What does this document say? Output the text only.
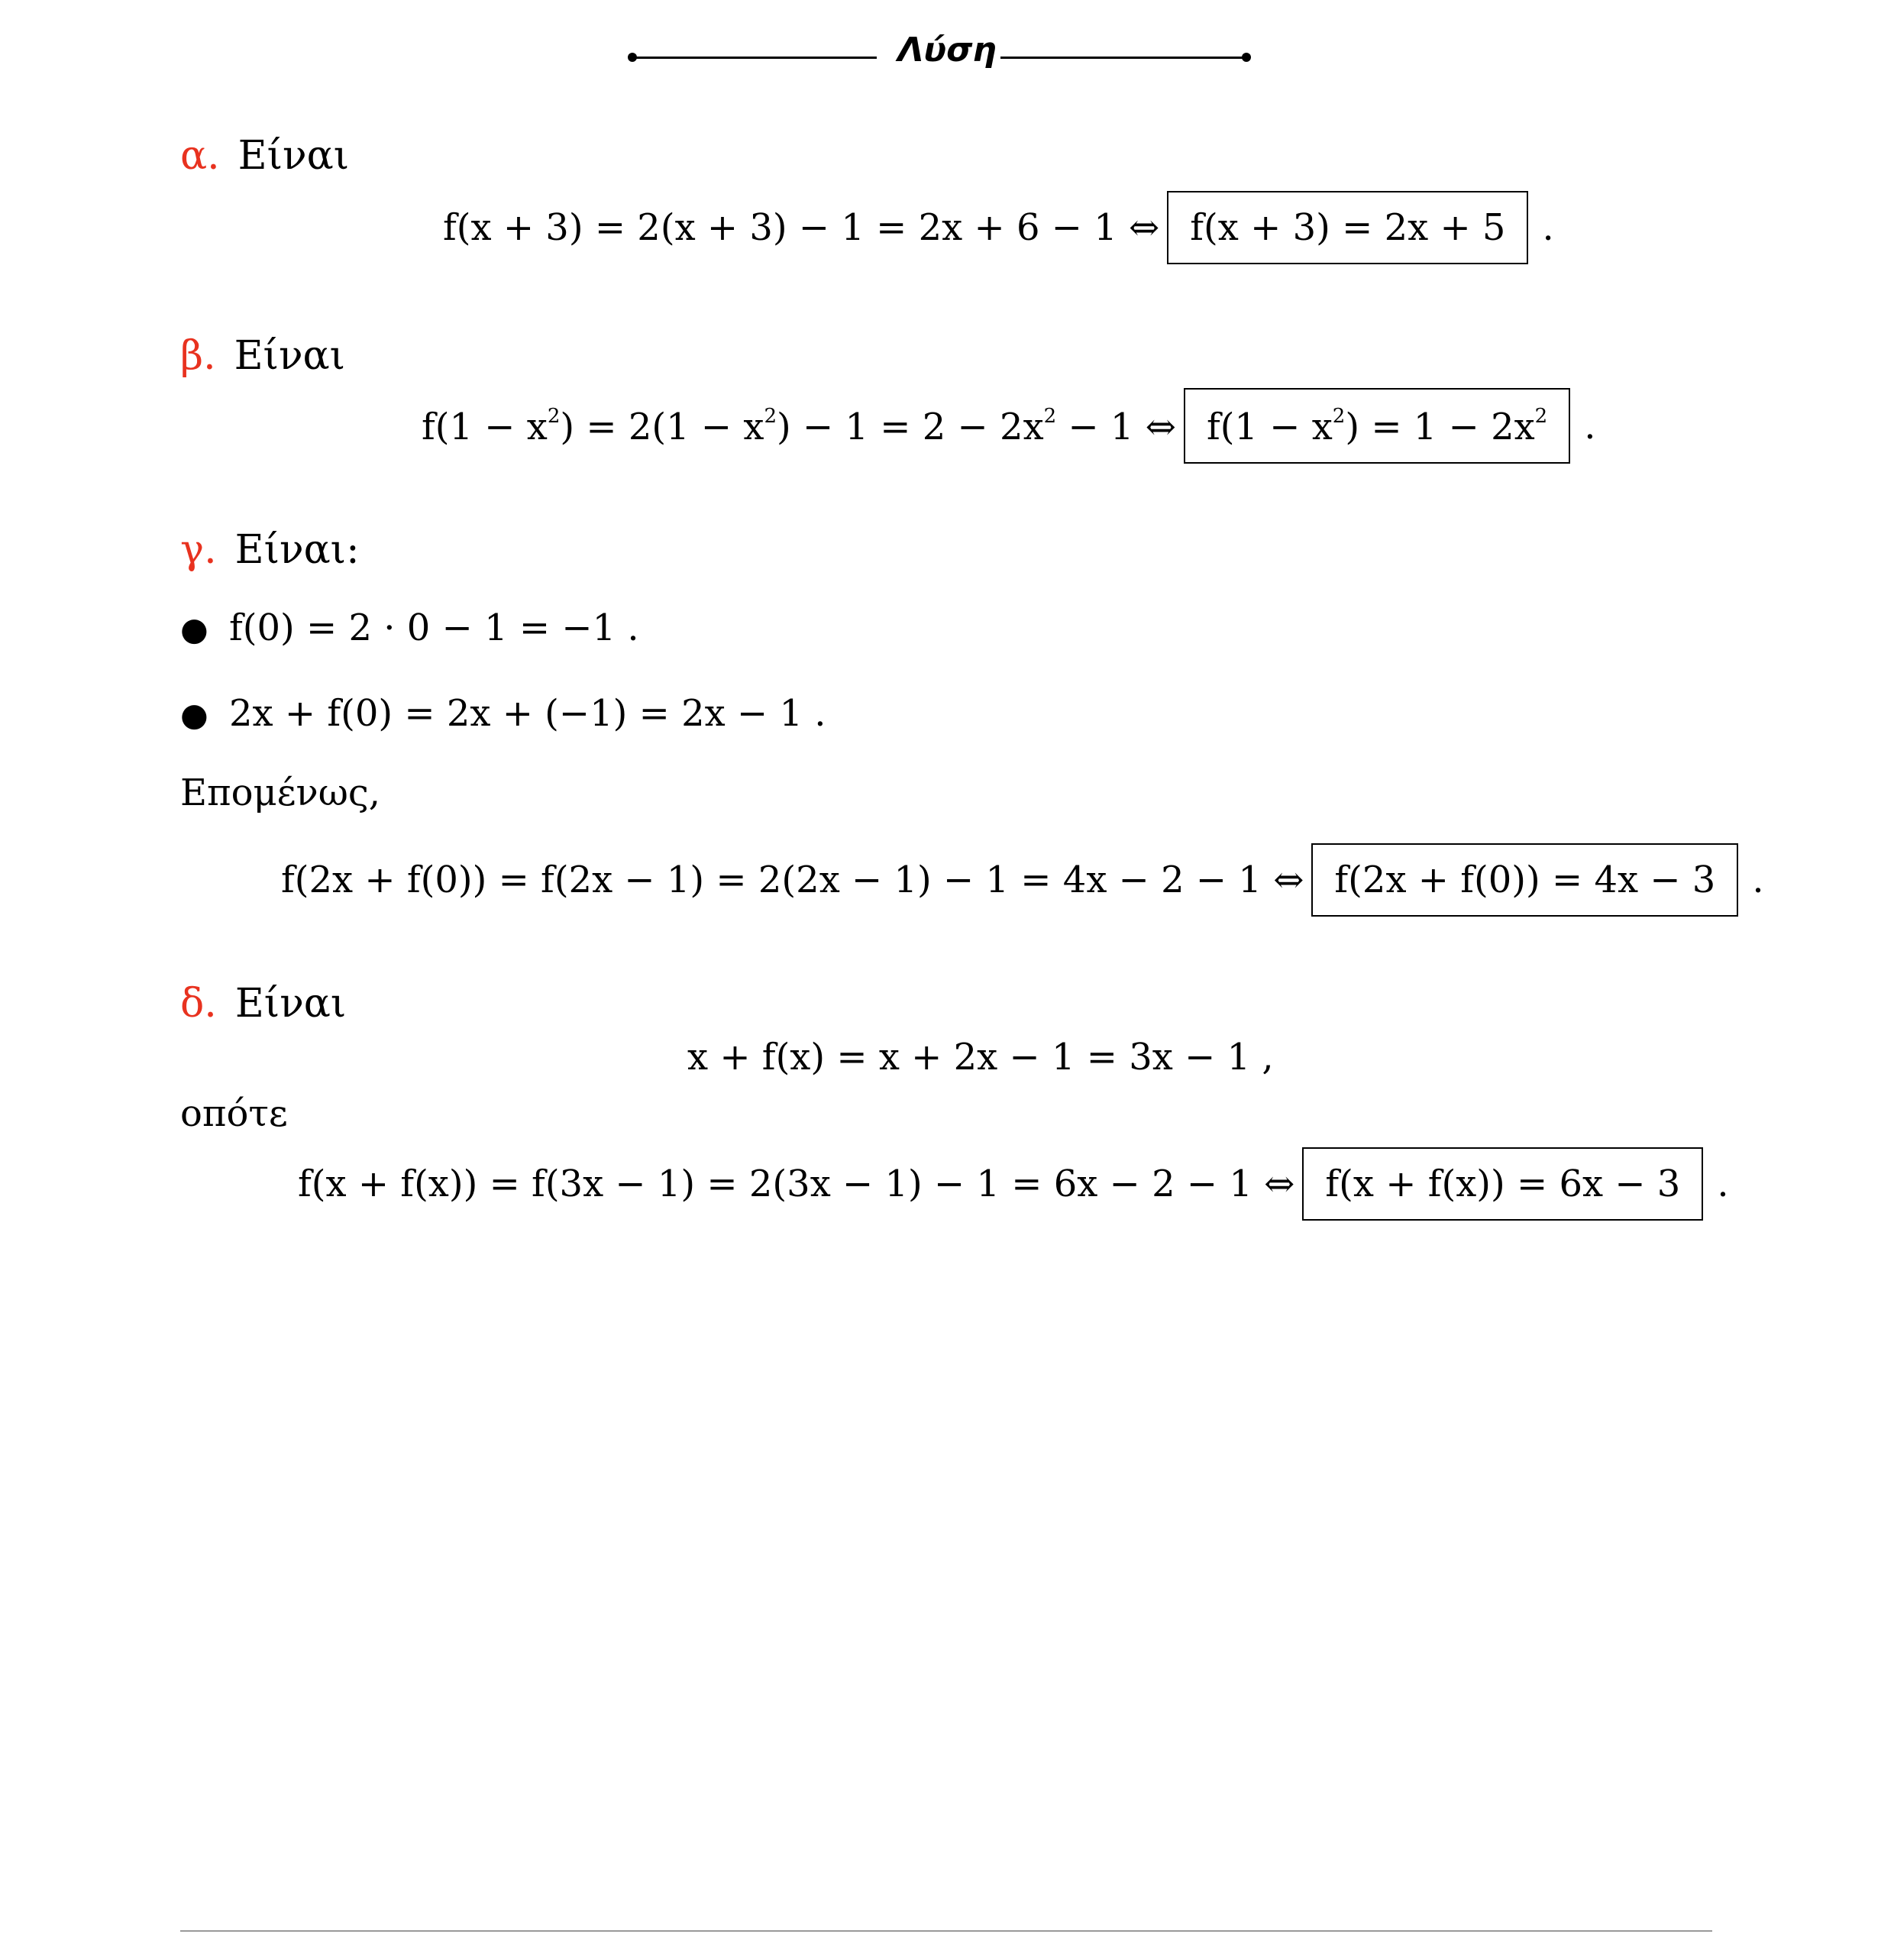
Λύση
α. Είναι
f(x + 3) = 2(x + 3) − 1 = 2x + 6 − 1 ⇔ f(x + 3) = 2x + 5	.
β. Είναι
$f(1 - x^2) = 2(1 - x^2) - 1 = 2 - 2x^2 - 1$ ⇔ $f(1 - x^2) = 1 - 2x^2$	.
γ. Είναι:
● f(0) = 2 · 0 − 1 = −1 .
● 2x + f(0) = 2x + (−1) = 2x − 1 .
Επομένως,
f(2x + f(0)) = f(2x − 1) = 2(2x − 1) − 1 = 4x − 2 − 1 ⇔ f(2x + f(0)) = 4x − 3	.
δ. Είναι
x + f(x) = x + 2x − 1 = 3x − 1 ,
οπότε
f(x + f(x)) = f(3x − 1) = 2(3x − 1) − 1 = 6x − 2 − 1 ⇔ f(x + f(x)) = 6x − 3	.
